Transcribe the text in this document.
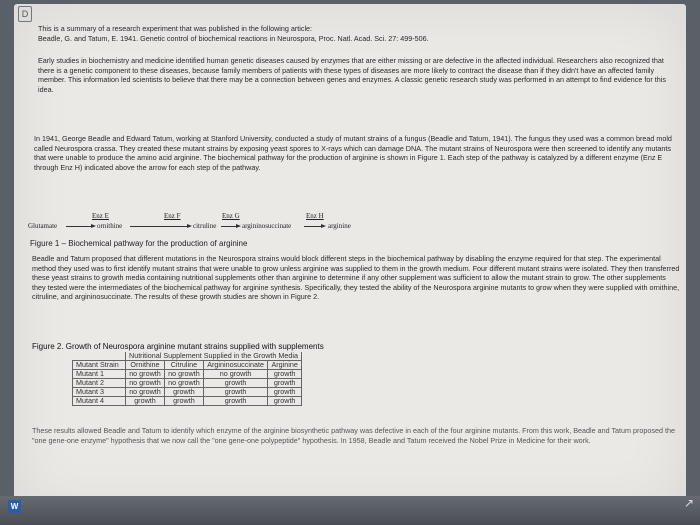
D
This is a summary of a research experiment that was published in the following article:
Beadle, G. and Tatum, E. 1941. Genetic control of biochemical reactions in Neurospora, Proc. Natl. Acad. Sci. 27: 499-506.

Early studies in biochemistry and medicine identified human genetic diseases caused by enzymes that are either missing or are defective in the affected individual. Researchers also recognized that there is a genetic component to these diseases, because family members of patients with these types of diseases are more likely to contract the disease than if they didn't have an affected family member. This information led scientists to believe that there may be a connection between genes and enzymes. A classic genetic research study was performed in an attempt to find evidence for this idea.

In 1941, George Beadle and Edward Tatum, working at Stanford University, conducted a study of mutant strains of a fungus (Beadle and Tatum, 1941). The fungus they used was a common bread mold called Neurospora crassa. They created these mutant strains by exposing yeast spores to X-rays which can damage DNA. The mutant strains of Neurospora were then screened to identify any mutants that were unable to produce the amino acid arginine. The biochemical pathway for the production of arginine is shown in Figure 1. Each step of the pathway is catalyzed by a different enzyme (Enz E through Enz H) indicated above the arrow for each step of the pathway.

Enz E	Enz F	Enz G	Enz H
Glutamate	ornithine	citruline	argininosuccinate	arginine
Figure 1 – Biochemical pathway for the production of arginine

Beadle and Tatum proposed that different mutations in the Neurospora strains would block different steps in the biochemical pathway by disabling the enzyme required for that step. The experimental method they used was to first identify mutant strains that were unable to grow unless arginine was supplied to them in the growth medium. Four different mutant strains were isolated. They then transferred these yeast strains to growth media containing nutritional supplements other than arginine to determine if any other supplement was sufficient to allow the mutant strain to grow. The other supplements they tested were the intermediates of the biochemical pathway for arginine synthesis. Specifically, they tested the ability of the Neurospora arginine mutants to grow when they were supplied with ornithine, citruline, and argininosuccinate. The results of these growth studies are shown in Figure 2.

Figure 2. Growth of Neurospora arginine mutant strains supplied with supplements
	Nutritional Supplement Supplied in the Growth Media			
Mutant Strain	Ornithine	Citruline	Argininosuccinate	Arginine
Mutant 1	no growth	no growth	no growth	growth
Mutant 2	no growth	no growth	growth	growth
Mutant 3	no growth	growth	growth	growth
Mutant 4	growth	growth	growth	growth

These results allowed Beadle and Tatum to identify which enzyme of the arginine biosynthetic pathway was defective in each of the four arginine mutants. From this work, Beadle and Tatum proposed the "one gene-one enzyme" hypothesis that we now call the "one gene-one polypeptide" hypothesis. In 1958, Beadle and Tatum received the Nobel Prize in Medicine for their work.

W	↗
